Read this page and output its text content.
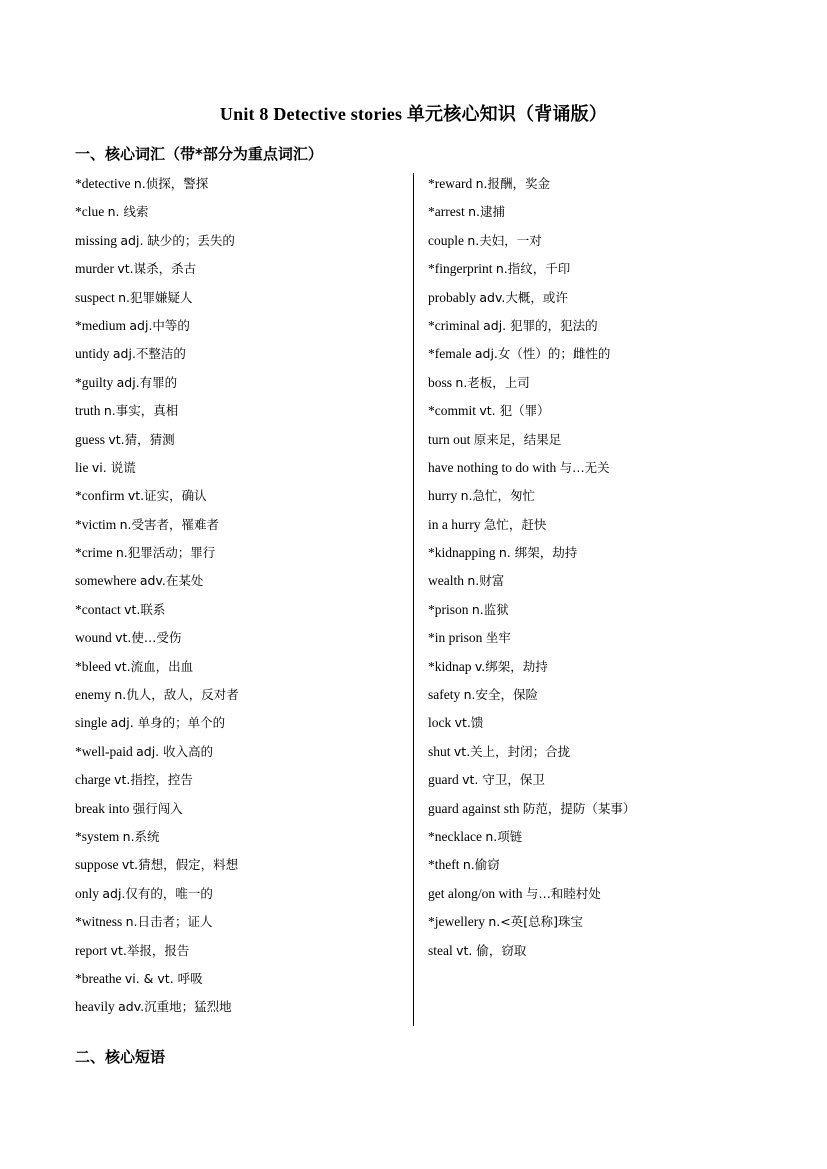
Unit 8 Detective stories 单元核心知识（背诵版）
一、核心词汇（带*部分为重点词汇）
*detective n.侦探，警探
*clue n. 线索
missing adj. 缺少的；丢失的
murder vt.谋杀，杀古
suspect n.犯罪嫌疑人
*medium adj.中等的
untidy adj.不整洁的
*guilty adj.有罪的
truth n.事实，真相
guess vt.猜，猜测
lie vi. 说谎
*confirm vt.证实，确认
*victim n.受害者，罹难者
*crime n.犯罪活动；罪行
somewhere adv.在某处
*contact vt.联系
wound vt.使…受伤
*bleed vt.流血，出血
enemy n.仇人，敌人，反对者
single adj. 单身的；单个的
*well-paid adj. 收入高的
charge vt.指控，控告
break into 强行闯入
*system n.系统
suppose vt.猜想，假定，料想
only adj.仅有的，唯一的
*witness n.日击者；证人
report vt.举报，报告
*breathe vi. & vt. 呼吸
heavily adv.沉重地；猛烈地
*reward n.报酬，奖金
*arrest n.逮捕
couple n.夫妇，一对
*fingerprint n.指纹，千印
probably adv.大概，或许
*criminal adj. 犯罪的，犯法的
*female adj.女（性）的；雌性的
boss n.老板，上司
*commit vt. 犯（罪）
turn out 原来足，结果足
have nothing to do with 与…无关
hurry n.急忙，匆忙
in a hurry 急忙，赶快
*kidnapping n. 绑架，劫持
wealth n.财富
*prison n.监狱
*in prison 坐牢
*kidnap v.绑架，劫持
safety n.安全，保险
lock vt.馈
shut vt.关上，封闭；合拢
guard vt. 守卫，保卫
guard against sth 防范，提防（某事）
*necklace n.项链
*theft n.偷窃
get along/on with 与…和睦村处
*jewellery n.<英[总称]珠宝
steal vt. 偷，窃取
二、核心短语
